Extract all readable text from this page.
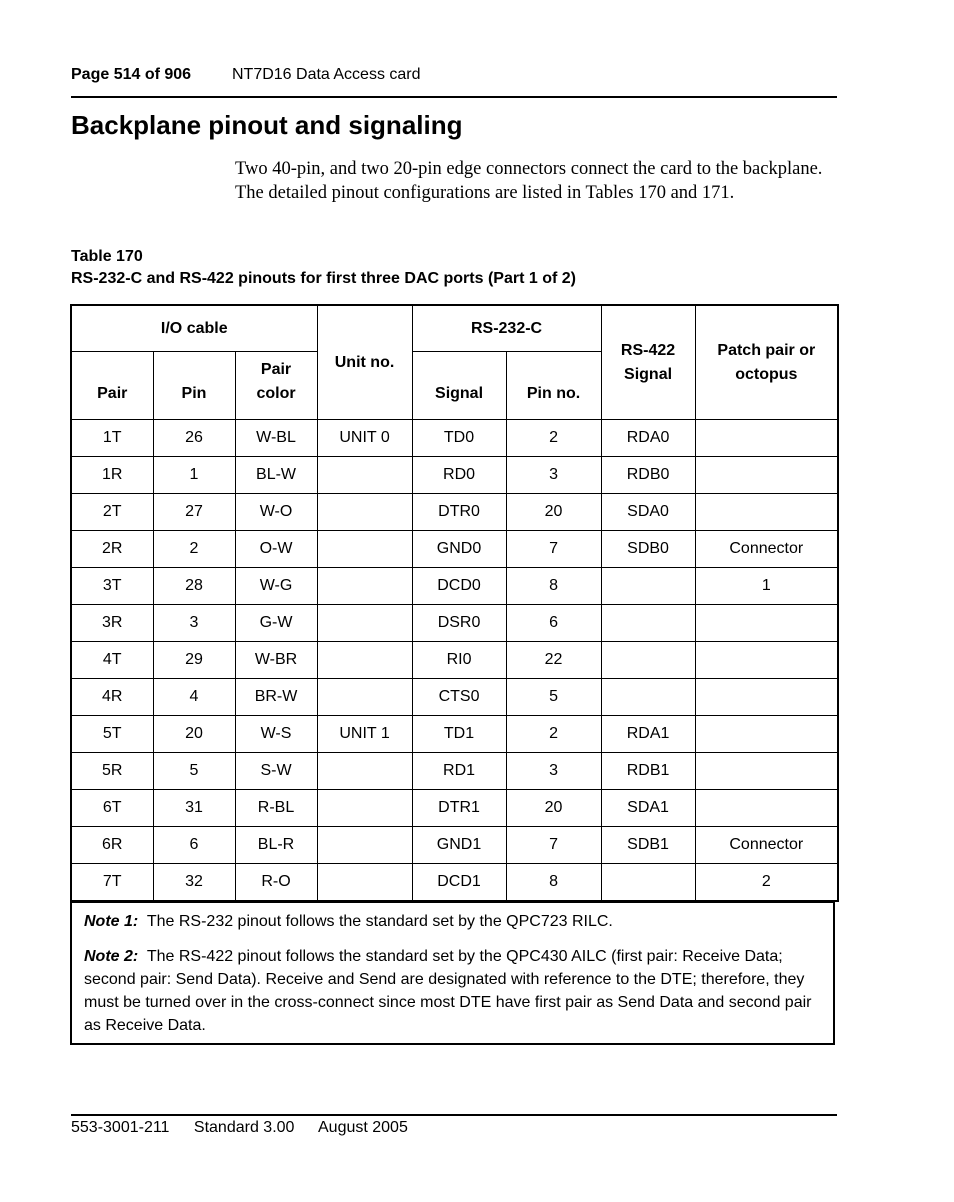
Page 514 of 906	NT7D16 Data Access card
Backplane pinout and signaling

Two 40-pin, and two 20-pin edge connectors connect the card to the backplane. The detailed pinout configurations are listed in Tables 170 and 171.

Table 170
RS-232-C and RS-422 pinouts for first three DAC ports (Part 1 of 2)
I/O cable			Unit no.	RS-232-C		RS-422 Signal	Patch pair or octopus
Pair	Pin	Pair color		Signal	Pin no.		
1T	26	W-BL	UNIT 0	TD0	2	RDA0	
1R	1	BL-W		RD0	3	RDB0	
2T	27	W-O		DTR0	20	SDA0	
2R	2	O-W		GND0	7	SDB0	Connector
3T	28	W-G		DCD0	8		1
3R	3	G-W		DSR0	6		
4T	29	W-BR		RI0	22		
4R	4	BR-W		CTS0	5		
5T	20	W-S	UNIT 1	TD1	2	RDA1	
5R	5	S-W		RD1	3	RDB1	
6T	31	R-BL		DTR1	20	SDA1	
6R	6	BL-R		GND1	7	SDB1	Connector
7T	32	R-O		DCD1	8		2

Note 1: The RS-232 pinout follows the standard set by the QPC723 RILC.

Note 2: The RS-422 pinout follows the standard set by the QPC430 AILC (first pair: Receive Data; second pair: Send Data). Receive and Send are designated with reference to the DTE; therefore, they must be turned over in the cross-connect since most DTE have first pair as Send Data and second pair as Receive Data.

553-3001-211 Standard 3.00 August 2005
